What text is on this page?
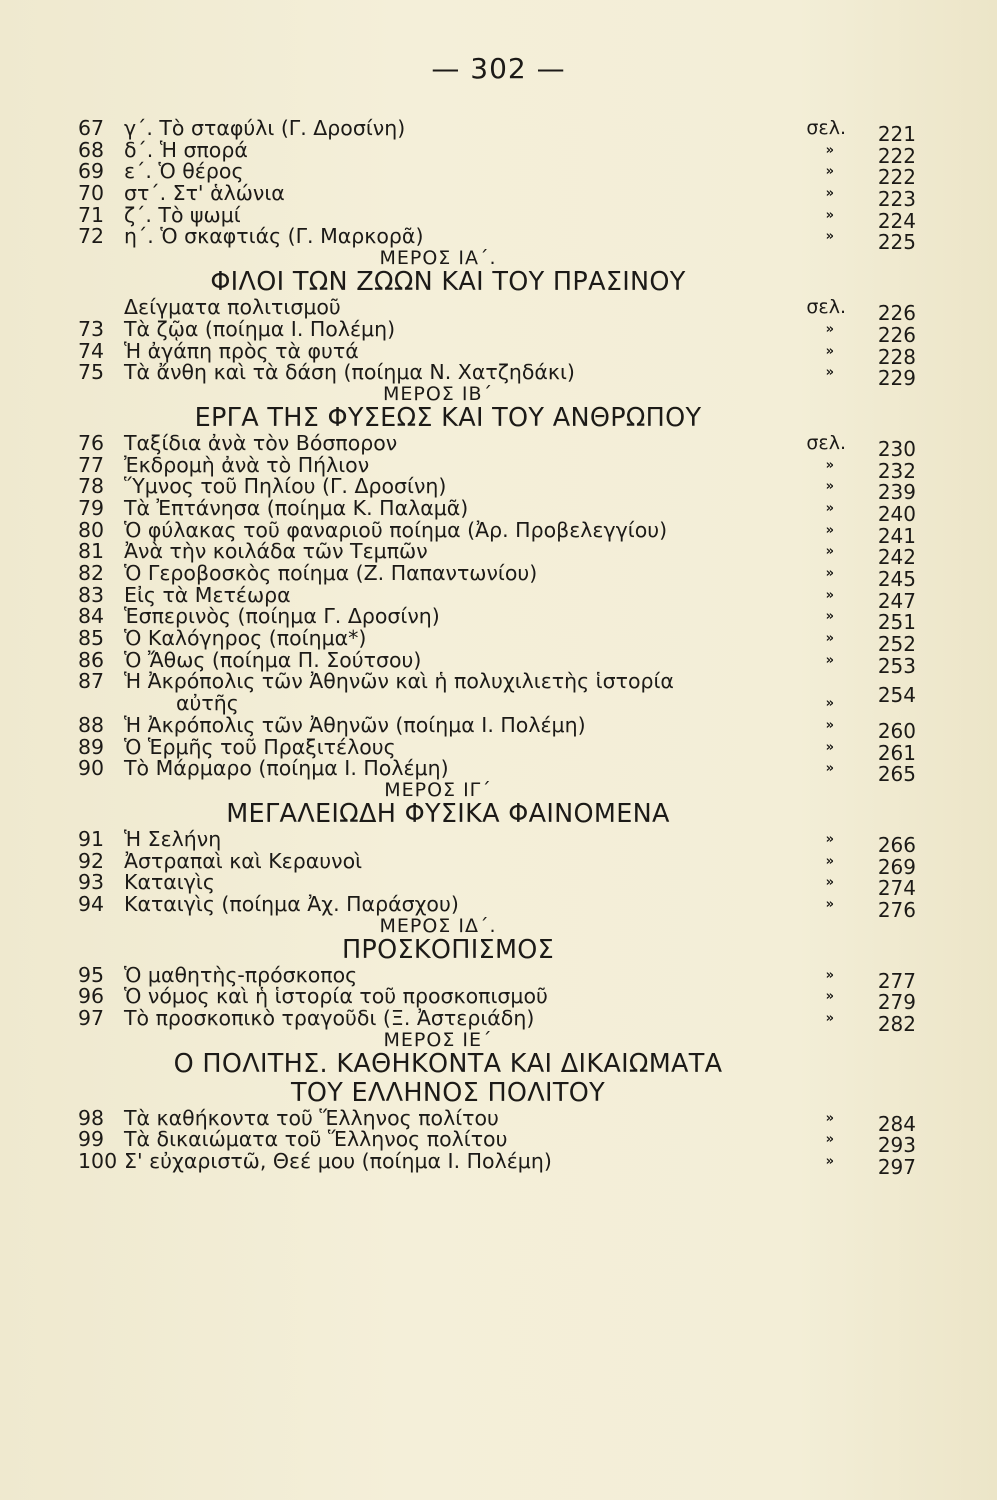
— 302 —
67 γ΄. Τὸ σταφύλι (Γ. Δροσίνη)	σελ. 221
68 δ΄. Ἡ σπορά	» 222
69 ε΄. Ὁ θέρος	» 222
70 στ΄. Στ' ἁλώνια	» 223
71 ζ΄. Τὸ ψωμί	» 224
72 η΄. Ὁ σκαφτιάς (Γ. Μαρκορᾶ)	» 225
ΜΕΡΟΣ ΙΑ΄.
ΦΙΛΟΙ ΤΩΝ ΖΩΩΝ ΚΑΙ ΤΟΥ ΠΡΑΣΙΝΟΥ
Δείγματα πολιτισμοῦ	σελ. 226
73 Τὰ ζῷα (ποίημα Ι. Πολέμη)	» 226
74 Ἡ ἀγάπη πρὸς τὰ φυτά	» 228
75 Τὰ ἄνθη καὶ τὰ δάση (ποίημα Ν. Χατζηδάκι)	» 229
ΜΕΡΟΣ ΙΒ΄
ΕΡΓΑ ΤΗΣ ΦΥΣΕΩΣ ΚΑΙ ΤΟΥ ΑΝΘΡΩΠΟΥ
76 Ταξίδια ἀνὰ τὸν Βόσπορον	σελ. 230
77 Ἐκδρομὴ ἀνὰ τὸ Πήλιον	» 232
78 Ὕμνος τοῦ Πηλίου (Γ. Δροσίνη)	» 239
79 Τὰ Ἐπτάνησα (ποίημα Κ. Παλαμᾶ)	» 240
80 Ὁ φύλακας τοῦ φαναριοῦ ποίημα (Ἀρ. Προβελεγγίου)	» 241
81 Ἀνὰ τὴν κοιλάδα τῶν Τεμπῶν	» 242
82 Ὁ Γεροβοσκὸς ποίημα (Ζ. Παπαντωνίου)	» 245
83 Εἰς τὰ Μετέωρα	» 247
84 Ἑσπερινὸς (ποίημα Γ. Δροσίνη)	» 251
85 Ὁ Καλόγηρος (ποίημα*)	» 252
86 Ὁ Ἄθως (ποίημα Π. Σούτσου)	» 253
87 Ἡ Ἀκρόπολις τῶν Ἀθηνῶν καὶ ἡ πολυχιλιετὴς ἱστορία
αὐτῆς	» 254
88 Ἡ Ἀκρόπολις τῶν Ἀθηνῶν (ποίημα Ι. Πολέμη)	» 260
89 Ὁ Ἑρμῆς τοῦ Πραξιτέλους	» 261
90 Τὸ Μάρμαρο (ποίημα Ι. Πολέμη)	» 265
ΜΕΡΟΣ ΙΓ΄
ΜΕΓΑΛΕΙΩΔΗ ΦΥΣΙΚΑ ΦΑΙΝΟΜΕΝΑ
91 Ἡ Σελήνη	» 266
92 Ἀστραπαὶ καὶ Κεραυνοὶ	» 269
93 Καταιγὶς	» 274
94 Καταιγὶς (ποίημα Ἀχ. Παράσχου)	» 276
ΜΕΡΟΣ ΙΔ΄.
ΠΡΟΣΚΟΠΙΣΜΟΣ
95 Ὁ μαθητὴς-πρόσκοπος	» 277
96 Ὁ νόμος καὶ ἡ ἱστορία τοῦ προσκοπισμοῦ	» 279
97 Τὸ προσκοπικὸ τραγοῦδι (Ξ. Ἀστεριάδη)	» 282
ΜΕΡΟΣ ΙΕ΄
Ο ΠΟΛΙΤΗΣ. ΚΑΘΗΚΟΝΤΑ ΚΑΙ ΔΙΚΑΙΩΜΑΤΑ
ΤΟΥ ΕΛΛΗΝΟΣ ΠΟΛΙΤΟΥ
98 Τὰ καθήκοντα τοῦ Ἕλληνος πολίτου	» 284
99 Τὰ δικαιώματα τοῦ Ἕλληνος πολίτου	» 293
100 Σ' εὐχαριστῶ, Θεέ μου (ποίημα Ι. Πολέμη)	» 297
